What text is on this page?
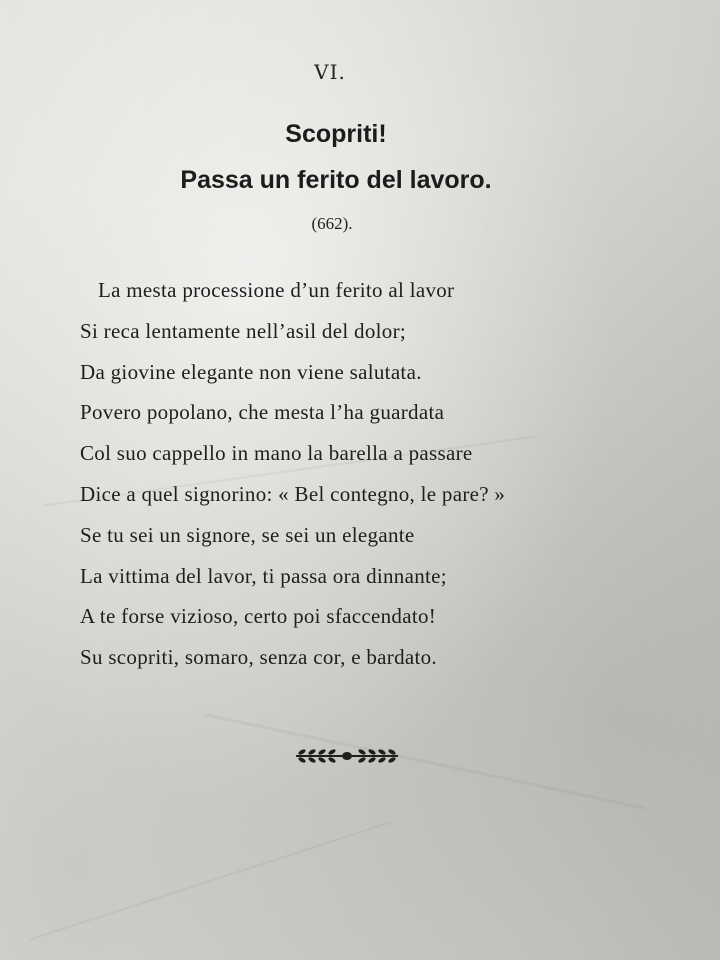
VI.
Scopriti!
Passa un ferito del lavoro.
(662).
La mesta processione d’un ferito al lavor
Si reca lentamente nell’asil del dolor;
Da giovine elegante non viene salutata.
Povero popolano, che mesta l’ha guardata
Col suo cappello in mano la barella a passare
Dice a quel signorino: « Bel contegno, le pare? »
Se tu sei un signore, se sei un elegante
La vittima del lavor, ti passa ora dinnante;
A te forse vizioso, certo poi sfaccendato!
Su scopriti, somaro, senza cor, e bardato.
